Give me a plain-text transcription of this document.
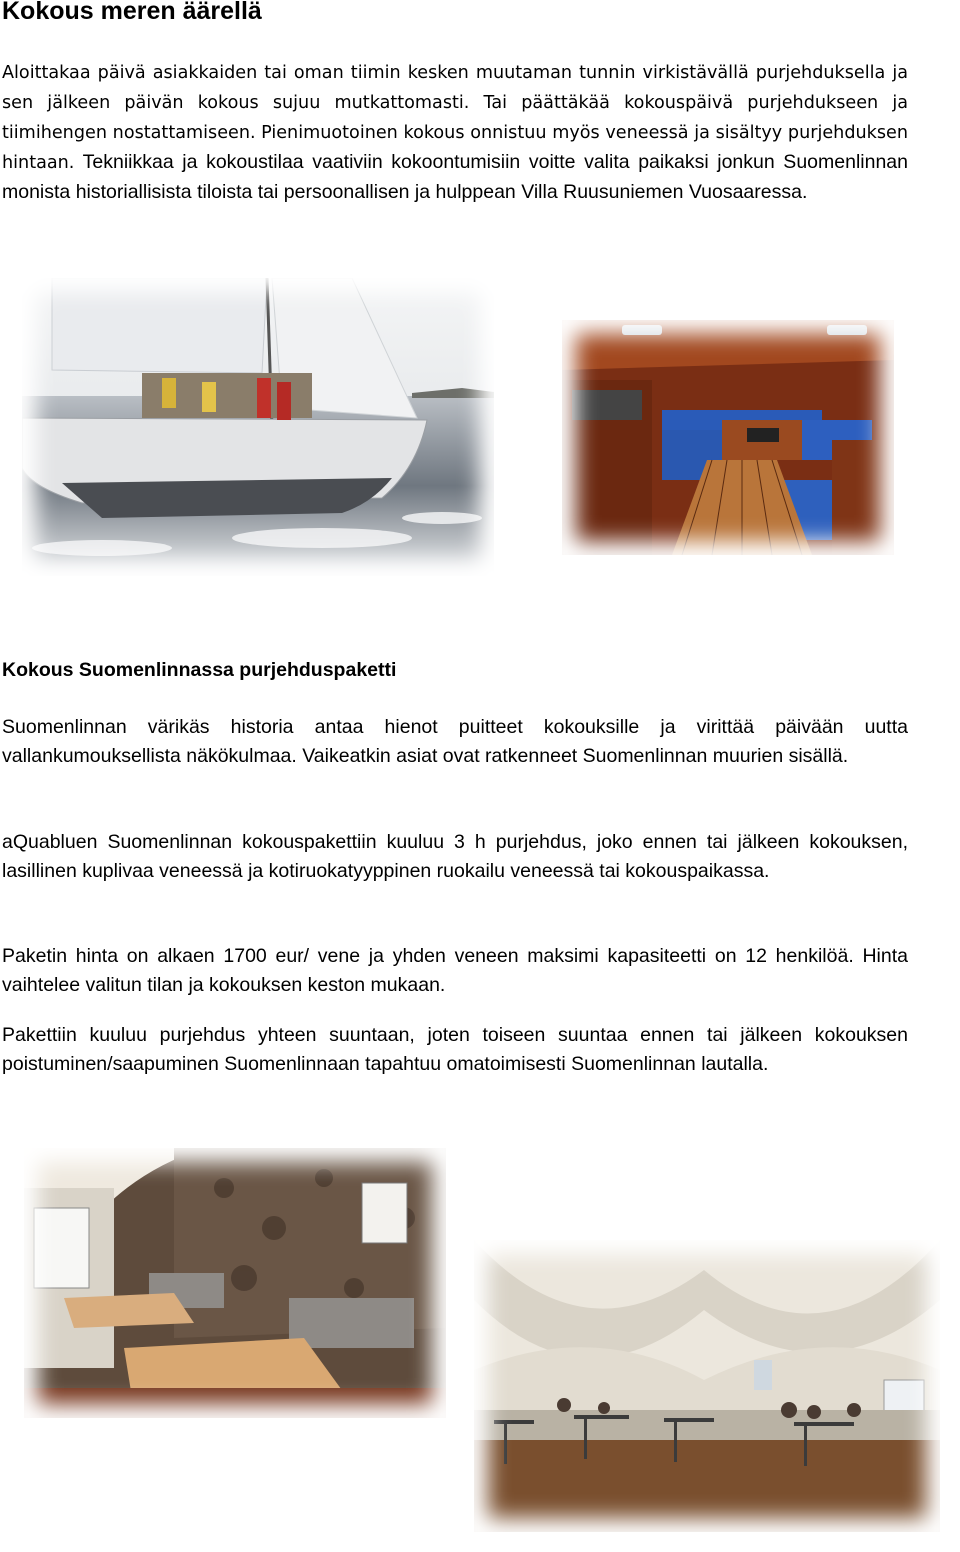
Kokous meren äärellä
Aloittakaa päivä asiakkaiden tai oman tiimin kesken muutaman tunnin virkistävällä purjehduksella ja sen jälkeen päivän kokous sujuu mutkattomasti. Tai päättäkää kokouspäivä purjehdukseen ja tiimihengen nostattamiseen. Pienimuotoinen kokous onnistuu myös veneessä ja sisältyy purjehduksen hintaan. Tekniikkaa ja kokoustilaa vaativiin kokoontumisiin voitte valita paikaksi jonkun Suomenlinnan monista historiallisista tiloista tai persoonallisen ja hulppean Villa Ruusuniemen Vuosaaressa.
Kokous Suomenlinnassa purjehduspaketti

Suomenlinnan värikäs historia antaa hienot puitteet kokouksille ja virittää päivään uutta vallankumouksellista näkökulmaa. Vaikeatkin asiat ovat ratkenneet Suomenlinnan muurien sisällä.

aQuabluen Suomenlinnan kokouspakettiin kuuluu 3 h purjehdus, joko ennen tai jälkeen kokouksen, lasillinen kuplivaa veneessä ja kotiruokatyyppinen ruokailu veneessä tai kokouspaikassa.

Paketin hinta on alkaen 1700 eur/ vene ja yhden veneen maksimi kapasiteetti on 12 henkilöä. Hinta vaihtelee valitun tilan ja kokouksen keston mukaan.

Pakettiin kuuluu purjehdus yhteen suuntaan, joten toiseen suuntaa ennen tai jälkeen kokouksen poistuminen/saapuminen Suomenlinnaan tapahtuu omatoimisesti Suomenlinnan lautalla.
